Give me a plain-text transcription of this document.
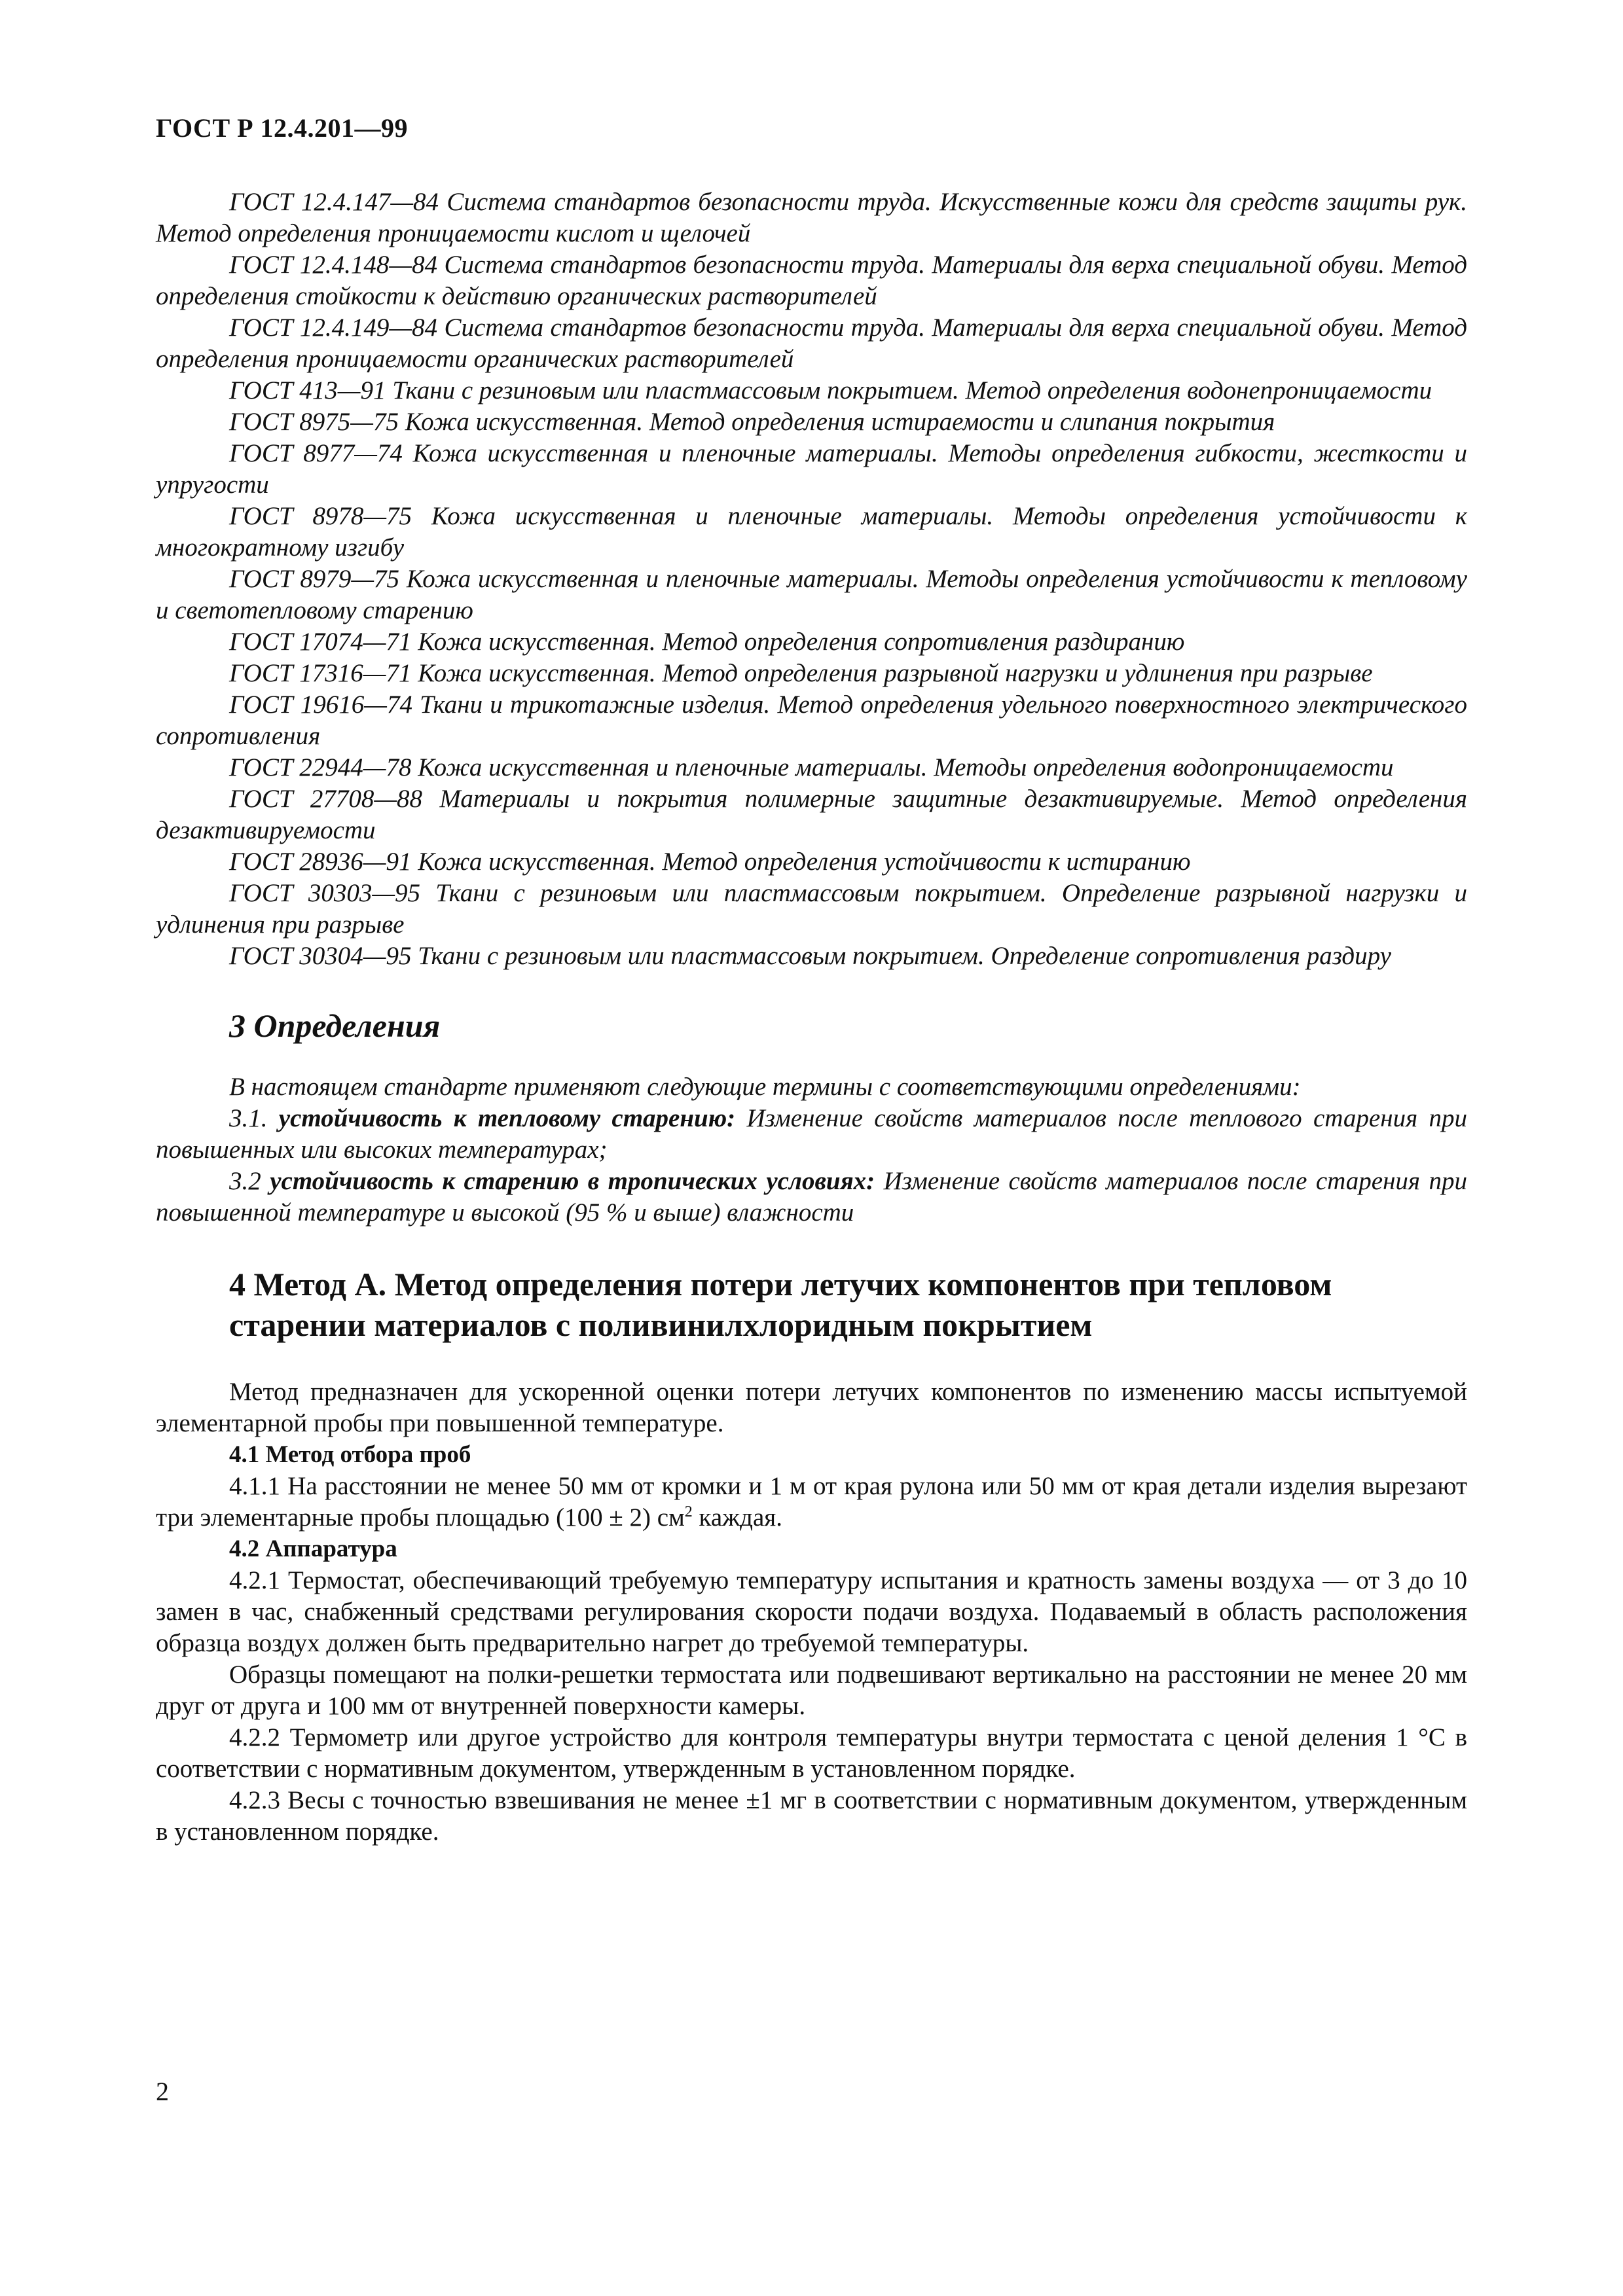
ГОСТ Р 12.4.201—99

ГОСТ 12.4.147—84 Система стандартов безопасности труда. Искусственные кожи для средств защиты рук. Метод определения проницаемости кислот и щелочей

ГОСТ 12.4.148—84 Система стандартов безопасности труда. Материалы для верха специальной обуви. Метод определения стойкости к действию органических растворителей

ГОСТ 12.4.149—84 Система стандартов безопасности труда. Материалы для верха специальной обуви. Метод определения проницаемости органических растворителей

ГОСТ 413—91 Ткани с резиновым или пластмассовым покрытием. Метод определения водонепроницаемости

ГОСТ 8975—75 Кожа искусственная. Метод определения истираемости и слипания покрытия

ГОСТ 8977—74 Кожа искусственная и пленочные материалы. Методы определения гибкости, жесткости и упругости

ГОСТ 8978—75 Кожа искусственная и пленочные материалы. Методы определения устойчивости к многократному изгибу

ГОСТ 8979—75 Кожа искусственная и пленочные материалы. Методы определения устойчивости к тепловому и светотепловому старению

ГОСТ 17074—71 Кожа искусственная. Метод определения сопротивления раздиранию

ГОСТ 17316—71 Кожа искусственная. Метод определения разрывной нагрузки и удлинения при разрыве

ГОСТ 19616—74 Ткани и трикотажные изделия. Метод определения удельного поверхностного электрического сопротивления

ГОСТ 22944—78 Кожа искусственная и пленочные материалы. Методы определения водопроницаемости

ГОСТ 27708—88 Материалы и покрытия полимерные защитные дезактивируемые. Метод определения дезактивируемости

ГОСТ 28936—91 Кожа искусственная. Метод определения устойчивости к истиранию

ГОСТ 30303—95 Ткани с резиновым или пластмассовым покрытием. Определение разрывной нагрузки и удлинения при разрыве

ГОСТ 30304—95 Ткани с резиновым или пластмассовым покрытием. Определение сопротивления раздиру

3 Определения

В настоящем стандарте применяют следующие термины с соответствующими определениями:

3.1. устойчивость к тепловому старению: Изменение свойств материалов после теплового старения при повышенных или высоких температурах;

3.2 устойчивость к старению в тропических условиях: Изменение свойств материалов после старения при повышенной температуре и высокой (95 % и выше) влажности

4 Метод А. Метод определения потери летучих компонентов при тепловом
старении материалов с поливинилхлоридным покрытием

Метод предназначен для ускоренной оценки потери летучих компонентов по изменению массы испытуемой элементарной пробы при повышенной температуре.

4.1 Метод отбора проб

4.1.1 На расстоянии не менее 50 мм от кромки и 1 м от края рулона или 50 мм от края детали изделия вырезают три элементарные пробы площадью (100 ± 2) $см^2$ каждая.

4.2 Аппаратура

4.2.1 Термостат, обеспечивающий требуемую температуру испытания и кратность замены воздуха — от 3 до 10 замен в час, снабженный средствами регулирования скорости подачи воздуха. Подаваемый в область расположения образца воздух должен быть предварительно нагрет до требуемой температуры.

Образцы помещают на полки-решетки термостата или подвешивают вертикально на расстоянии не менее 20 мм друг от друга и 100 мм от внутренней поверхности камеры.

4.2.2 Термометр или другое устройство для контроля температуры внутри термостата с ценой деления 1 °С в соответствии с нормативным документом, утвержденным в установленном порядке.

4.2.3 Весы с точностью взвешивания не менее ±1 мг в соответствии с нормативным документом, утвержденным в установленном порядке.

2
